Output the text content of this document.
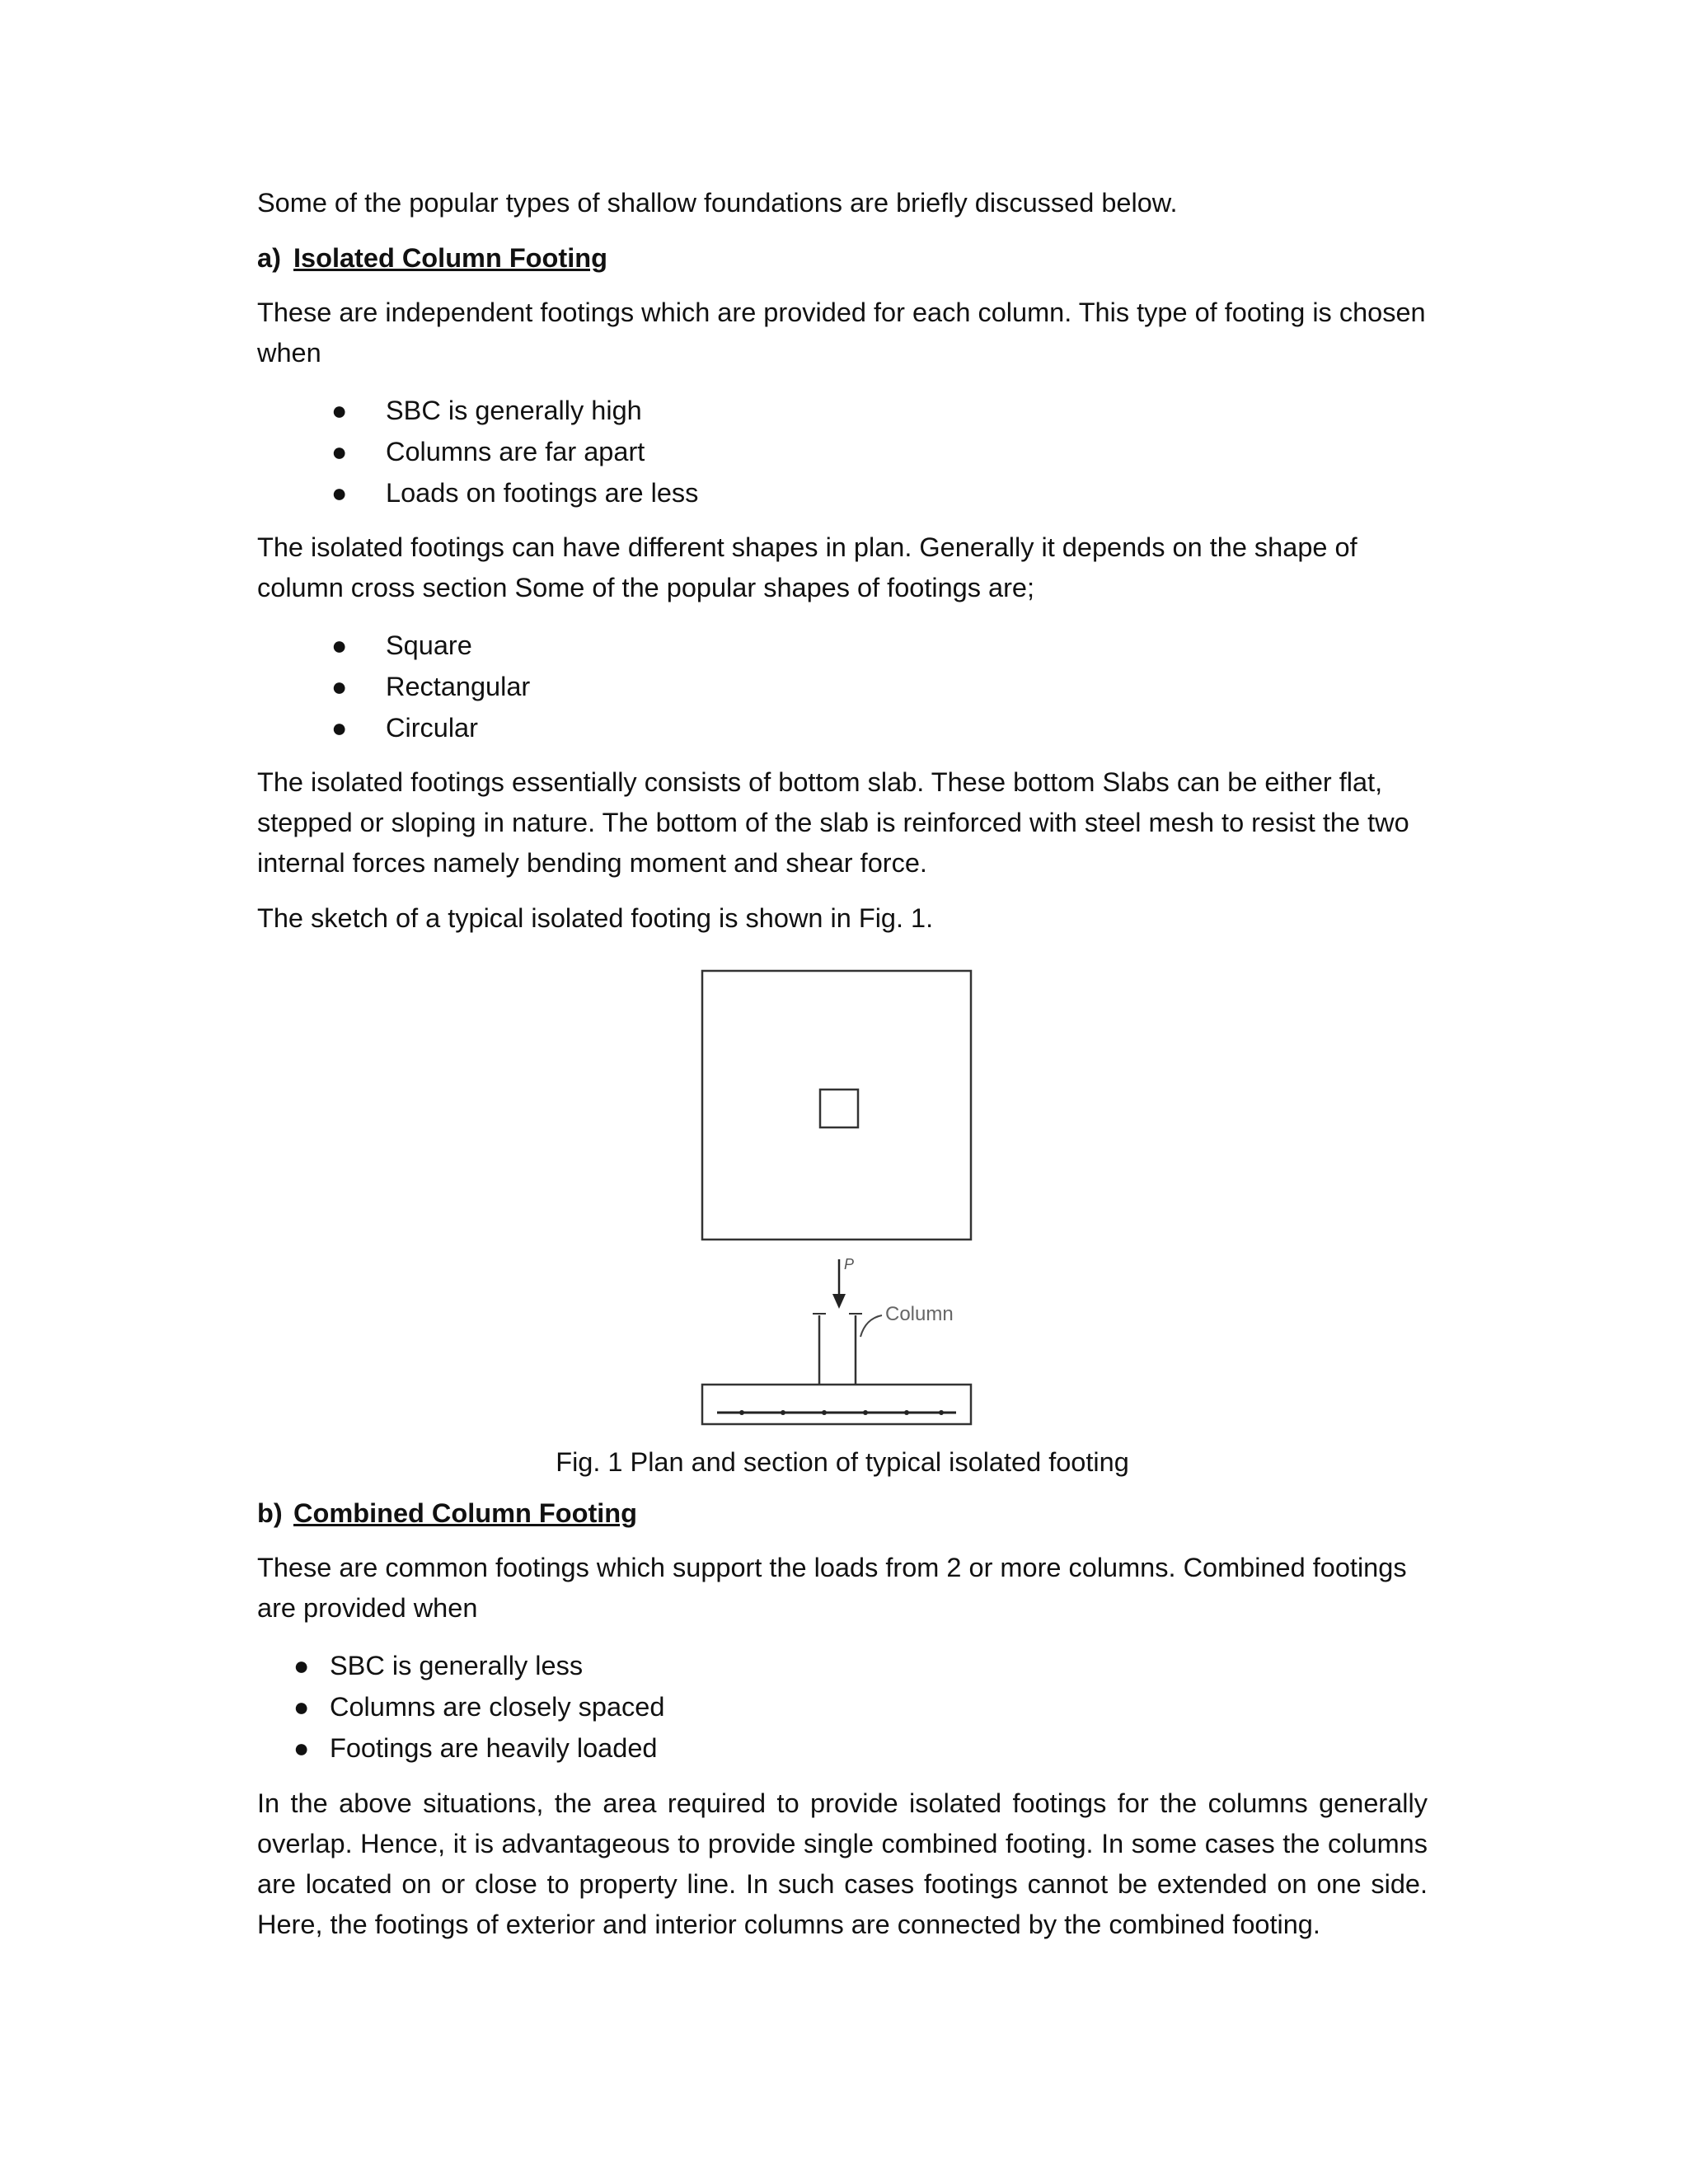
Some of the popular types of shallow foundations are briefly discussed below.

a) Isolated Column Footing

These are independent footings which are provided for each column. This type of footing is chosen when

● SBC is generally high
● Columns are far apart
● Loads on footings are less

The isolated footings can have different shapes in plan. Generally it depends on the shape of column cross section Some of the popular shapes of footings are;

● Square
● Rectangular
● Circular

The isolated footings essentially consists of bottom slab. These bottom Slabs can be either flat, stepped or sloping in nature. The bottom of the slab is reinforced with steel mesh to resist the two internal forces namely bending moment and shear force.

The sketch of a typical isolated footing is shown in Fig. 1.

P
Column
Fig. 1 Plan and section of typical isolated footing
b) Combined Column Footing

These are common footings which support the loads from 2 or more columns. Combined footings are provided when

● SBC is generally less
● Columns are closely spaced
● Footings are heavily loaded

In the above situations, the area required to provide isolated footings for the columns generally overlap. Hence, it is advantageous to provide single combined footing. In some cases the columns are located on or close to property line. In such cases footings cannot be extended on one side. Here, the footings of exterior and interior columns are connected by the combined footing.
